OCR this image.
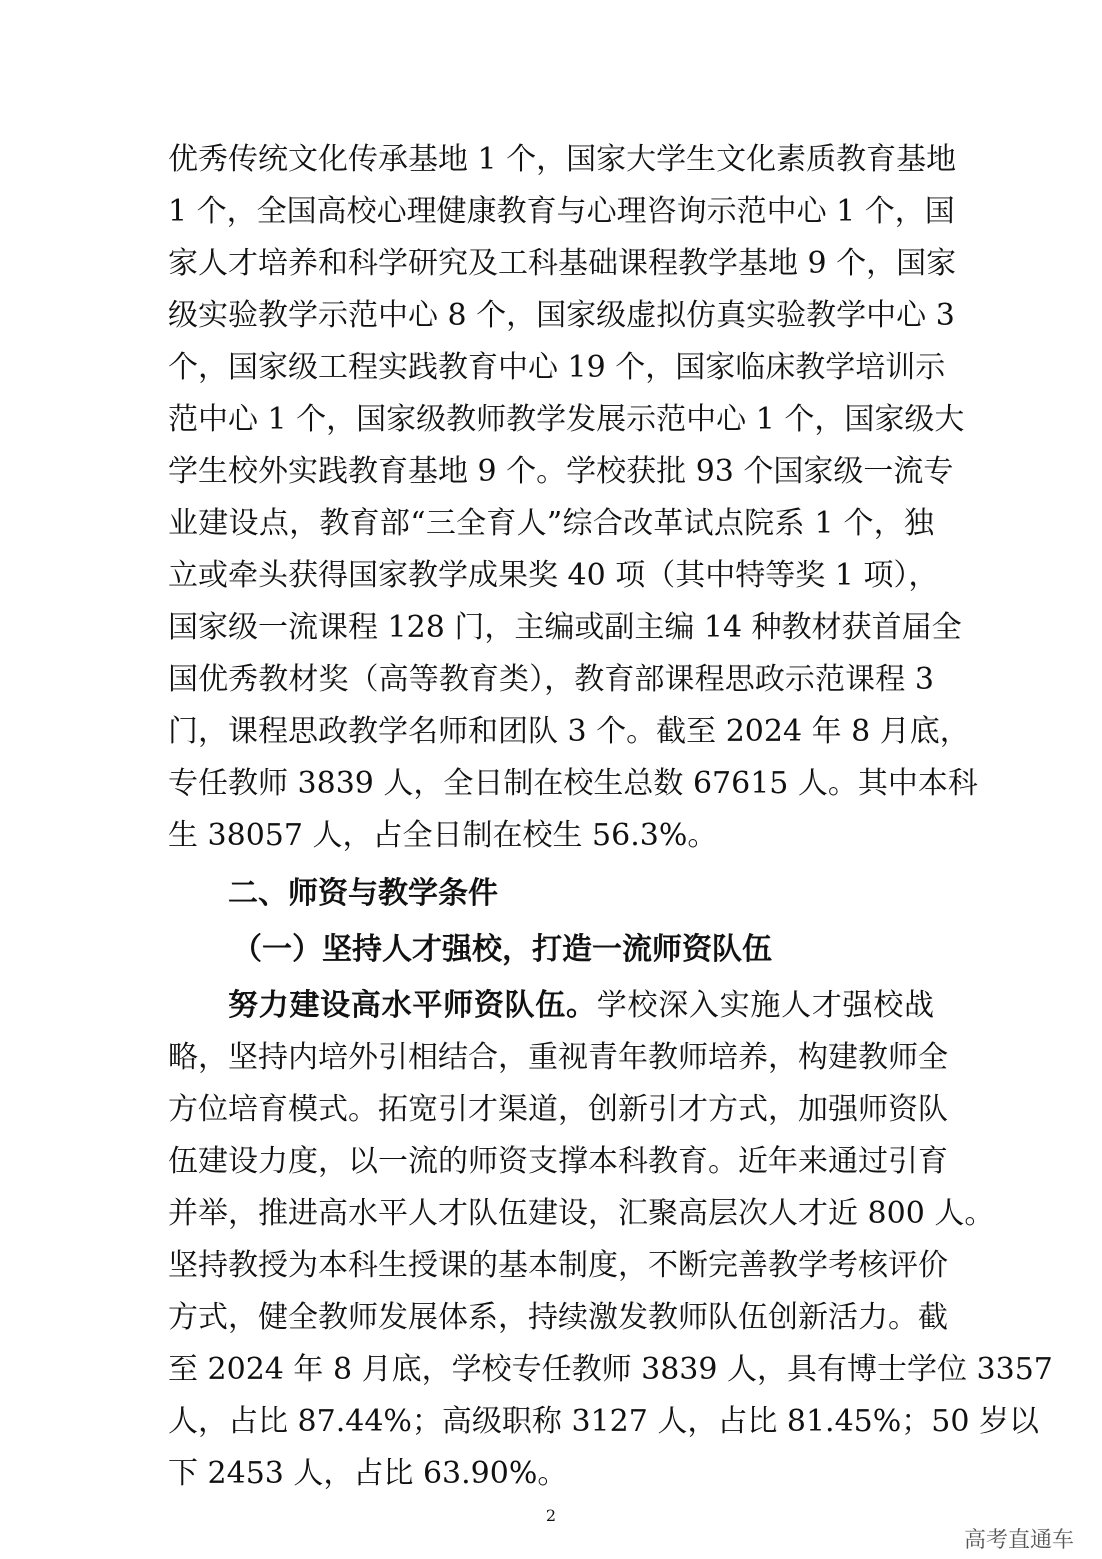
优秀传统文化传承基地 1 个，国家大学生文化素质教育基地

1 个，全国高校心理健康教育与心理咨询示范中心 1 个，国

家人才培养和科学研究及工科基础课程教学基地 9 个，国家

级实验教学示范中心 8 个，国家级虚拟仿真实验教学中心 3

个，国家级工程实践教育中心 19 个，国家临床教学培训示

范中心 1 个，国家级教师教学发展示范中心 1 个，国家级大

学生校外实践教育基地 9 个。学校获批 93 个国家级一流专

业建设点，教育部“三全育人”综合改革试点院系 1 个，独

立或牵头获得国家教学成果奖 40 项（其中特等奖 1 项），

国家级一流课程 128 门，主编或副主编 14 种教材获首届全

国优秀教材奖（高等教育类），教育部课程思政示范课程 3

门，课程思政教学名师和团队 3 个。截至 2024 年 8 月底，

专任教师 3839 人，全日制在校生总数 67615 人。其中本科

生 38057 人，占全日制在校生 56.3%。

二、师资与教学条件
（一）坚持人才强校，打造一流师资队伍

努力建设高水平师资队伍。学校深入实施人才强校战

略，坚持内培外引相结合，重视青年教师培养，构建教师全

方位培育模式。拓宽引才渠道，创新引才方式，加强师资队

伍建设力度，以一流的师资支撑本科教育。近年来通过引育

并举，推进高水平人才队伍建设，汇聚高层次人才近 800 人。

坚持教授为本科生授课的基本制度，不断完善教学考核评价

方式，健全教师发展体系，持续激发教师队伍创新活力。截

至 2024 年 8 月底，学校专任教师 3839 人，具有博士学位 3357

人，占比 87.44%；高级职称 3127 人，占比 81.45%；50 岁以

下 2453 人，占比 63.90%。

2
高考直通车
